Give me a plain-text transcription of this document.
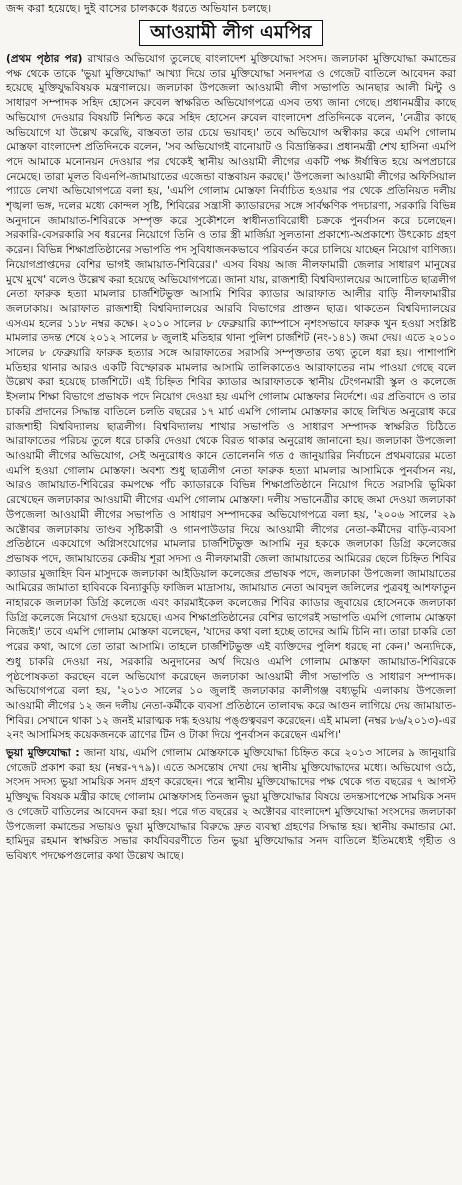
জব্দ করা হয়েছে। দুই বাসের চালককে ধরতে অভিযান চলছে।

আওয়ামী লীগ এমপির

(প্রথম পৃষ্ঠার পর) রাখারও অভিযোগ তুলেছে বাংলাদেশ মুক্তিযোদ্ধা সংসদ। জলঢাকা মুক্তিযোদ্ধা কমান্ডের পক্ষ থেকে তাকে 'ভুয়া মুক্তিযোদ্ধা' আখ্যা দিয়ে তার মুক্তিযোদ্ধা সনদপত্র ও গেজেট বাতিলে আবেদন করা হয়েছে মুক্তিযুদ্ধবিষয়ক মন্ত্রণালয়ে। জলঢাকা উপজেলা আওয়ামী লীগ সভাপতি আনছার আলী মিন্টু ও সাধারণ সম্পাদক সহিদ হোসেন রুবেল স্বাক্ষরিত অভিযোগপত্রে এসব তথ্য জানা গেছে। প্রধানমন্ত্রীর কাছে অভিযোগ দেওয়ার বিষয়টি নিশ্চিত করে সহিদ হোসেন রুবেল বাংলাদেশ প্রতিদিনকে বলেন, 'নেত্রীর কাছে অভিযোগে যা উল্লেখ করেছি, বাস্তবতা তার চেয়ে ভয়াবহ।' তবে অভিযোগ অস্বীকার করে এমপি গোলাম মোস্তফা বাংলাদেশ প্রতিদিনকে বলেন, 'সব অভিযোগই বানোয়াট ও বিভ্রান্তিকর। প্রধানমন্ত্রী শেখ হাসিনা এমপি পদে আমাকে মনোনয়ন দেওয়ার পর থেকেই স্থানীয় আওয়ামী লীগের একটি পক্ষ ঈর্ষান্বিত হয়ে অপপ্রচারে নেমেছে। তারা মূলত বিএনপি-জামায়াতের এজেন্ডা বাস্তবায়ন করছে।' উপজেলা আওয়ামী লীগের অফিসিয়াল প্যাডে লেখা অভিযোগপত্রে বলা হয়, 'এমপি গোলাম মোস্তফা নির্বাচিত হওয়ার পর থেকে প্রতিনিয়ত দলীয় শৃঙ্খলা ভঙ্গ, দলের মধ্যে কোন্দল সৃষ্টি, শিবিরের সন্ত্রাসী ক্যাডারদের সঙ্গে সার্বক্ষণিক পদচারণা, সরকারি বিভিন্ন অনুদানে জামায়াত-শিবিরকে সম্পৃক্ত করে সুকৌশলে স্বাধীনতাবিরোধী চক্রকে পুনর্বাসন করে চলেছেন। সরকারি-বেসরকারি সব ধরনের নিয়োগে তিনি ও তার স্ত্রী মার্জিয়া সুলতানা প্রকাশ্যে-অপ্রকাশ্যে উৎকোচ গ্রহণ করেন। বিভিন্ন শিক্ষাপ্রতিষ্ঠানের সভাপতি পদ সুবিধাজনকভাবে পরিবর্তন করে চালিয়ে যাচ্ছেন নিয়োগ বাণিজ্য। নিয়োগপ্রাপ্তদের বেশির ভাগই জামায়াত-শিবিরের।' এসব বিষয় আজ নীলফামারী জেলার সাধারণ মানুষের মুখে মুখে' বলেও উল্লেখ করা হয়েছে অভিযোগপত্রে। জানা যায়, রাজশাহী বিশ্ববিদ্যালয়ের আলোচিত ছাত্রলীগ নেতা ফারুক হত্যা মামলার চার্জশিটভুক্ত আসামি শিবির ক্যাডার আরাফাত আলীর বাড়ি নীলফামারীর জলঢাকায়। আরাফাত রাজশাহী বিশ্ববিদ্যালয়ের আরবি বিভাগের প্রাক্তন ছাত্র। থাকতেন বিশ্ববিদ্যালয়ের এসএম হলের ১১৮ নম্বর কক্ষে। ২০১০ সালের ৮ ফেব্রুয়ারি ক্যাম্পাসে নৃশংসভাবে ফারুক খুন হওয়া সংশ্লিষ্ট মামলার তদন্ত শেষে ২০১২ সালের ৮ জুলাই মতিহার থানা পুলিশ চার্জশিট (নং-১৪১) জমা দেয়। এতে ২০১০ সালের ৮ ফেব্রুয়ারি ফারুক হত্যার সঙ্গে আরাফাতের সরাসরি সম্পৃক্ততার তথ্য তুলে ধরা হয়। পাশাপাশি মতিহার থানার আরও একটি বিস্ফোরক মামলার আসামি তালিকাতেও আরাফাতের নাম পাওয়া গেছে বলে উল্লেখ করা হয়েছে চার্জশিটে। এই চিহ্নিত শিবির ক্যাডার আরাফাতকে স্থানীয় টেংগনমারী স্কুল ও কলেজে ইসলাম শিক্ষা বিভাগে প্রভাষক পদে নিয়োগ দেওয়া হয় এমপি গোলাম মোস্তফার নির্দেশে। এর প্রতিবাদে ও তার চাকরি প্রদানের সিদ্ধান্ত বাতিলে চলতি বছরের ১৭ মার্চ এমপি গোলাম মোস্তফার কাছে লিখিত অনুরোধ করে রাজশাহী বিশ্ববিদ্যালয় ছাত্রলীগ। বিশ্ববিদ্যালয় শাখার সভাপতি ও সাধারণ সম্পাদক স্বাক্ষরিত চিঠিতে আরাফাতের পরিচয় তুলে ধরে চাকরি দেওয়া থেকে বিরত থাকার অনুরোধ জানানো হয়। জলঢাকা উপজেলা আওয়ামী লীগের অভিযোগ, সেই অনুরোধও কানে তোলেননি গত ৫ জানুয়ারির নির্বাচনে প্রথমবারের মতো এমপি হওয়া গোলাম মোস্তফা। অবশ্য শুধু ছাত্রলীগ নেতা ফারুক হত্যা মামলার আসামিকে পুনর্বাসন নয়, আরও জামায়াত-শিবিরের কমপক্ষে পাঁচ ক্যাডারকে বিভিন্ন শিক্ষাপ্রতিষ্ঠানে নিয়োগ দিতে সরাসরি ভূমিকা রেখেছেন জলঢাকার আওয়ামী লীগের এমপি গোলাম মোস্তফা। দলীয় সভানেত্রীর কাছে জমা দেওয়া জলঢাকা উপজেলা আওয়ামী লীগের সভাপতি ও সাধারণ সম্পাদকের অভিযোগপত্রে বলা হয়, '২০০৬ সালের ২৯ অক্টোবর জলঢাকায় তাণ্ডব সৃষ্টিকারী ও গানপাউডার দিয়ে আওয়ামী লীগের নেতা-কর্মীদের বাড়ি-ব্যবসা প্রতিষ্ঠানে একযোগে অগ্নিসংযোগের মামলার চার্জশিটভুক্ত আসামি নূর হককে জলঢাকা ডিগ্রি কলেজের প্রভাষক পদে, জামায়াতের কেন্দ্রীয় শূরা সদস্য ও নীলফামারী জেলা জামায়াতের আমিরের ছেলে চিহ্নিত শিবির ক্যাডার মুজাহিদ বিন মাসুদকে জলঢাকা আইডিয়াল কলেজের প্রভাষক পদে, জলঢাকা উপজেলা জামায়াতের আমিরের জামাতা হাবিবকে বিন্যাকুড়ি ফাজিল মাদ্রাসায়, জামায়াত নেতা আবদুল জলিলের পুত্রবধূ আশফাতুন নাহারকে জলঢাকা ডিগ্রি কলেজে এবং কারমাইকেল কলেজের শিবির ক্যাডার জুবায়ের হোসেনকে জলঢাকা ডিগ্রি কলেজে নিয়োগ দেওয়া হয়েছে। এসব শিক্ষাপ্রতিষ্ঠানের বেশির ভাগেরই সভাপতি এমপি গোলাম মোস্তফা নিজেই।' তবে এমপি গোলাম মোস্তফা বলেছেন, 'যাদের কথা বলা হচ্ছে তাদের আমি চিনি না। তারা চাকরি তো পরের কথা, আগে তো তারা আসামি। তাহলে চার্জশিটভুক্ত এই ব্যক্তিদের পুলিশ ধরছে না কেন।' অন্যদিকে, শুধু চাকরি দেওয়া নয়, সরকারি অনুদানের অর্থ দিয়েও এমপি গোলাম মোস্তফা জামায়াত-শিবিরকে পৃষ্ঠপোষকতা করছেন বলে অভিযোগ করেছেন জলঢাকা আওয়ামী লীগ সভাপতি ও সাধারণ সম্পাদক। অভিযোগপত্রে বলা হয়, '২০১৩ সালের ১০ জুলাই জলঢাকার কালীগঞ্জ বধ্যভূমি এলাকায় উপজেলা আওয়ামী লীগের ১২ জন দলীয় নেতা-কর্মীকে ব্যবসা প্রতিষ্ঠানে তালাবদ্ধ করে আগুন লাগিয়ে দেয় জামায়াত-শিবির। সেখানে থাকা ১২ জনই মারাত্মক দগ্ধ হওয়ায় পঙ্গুত্ববরণ করেছেন। এই মামলা (নম্বর ৮৬/২০১৩)-এর ২নং আসামিসহ কয়েকজনকে ত্রাণের টিন ও টাকা দিয়ে পুনর্বাসন করেছেন এমপি।'

ভুয়া মুক্তিযোদ্ধা : জানা যায়, এমপি গোলাম মোস্তফাকে মুক্তিযোদ্ধা চিহ্নিত করে ২০১৩ সালের ৯ জানুয়ারি গেজেট প্রকাশ করা হয় (নম্বর-৭৭৯)। এতে অসন্তোষ দেখা দেয় স্থানীয় মুক্তিযোদ্ধাদের মধ্যে। অভিযোগ ওঠে, সংসদ সদস্য ভুয়া সাময়িক সনদ গ্রহণ করেছেন। পরে স্থানীয় মুক্তিযোদ্ধাদের পক্ষ থেকে গত বছরের ৭ আগস্ট মুক্তিযুদ্ধ বিষয়ক মন্ত্রীর কাছে গোলাম মোস্তফাসহ তিনজন ভুয়া মুক্তিযোদ্ধার বিষয়ে তদন্তসাপেক্ষে সাময়িক সনদ ও গেজেট বাতিলের আবেদন করা হয়। পরে গত বছরের ২ অক্টোবর বাংলাদেশ মুক্তিযোদ্ধা সংসদের জলঢাকা উপজেলা কমান্ডের সভায়ও ভুয়া মুক্তিযোদ্ধার বিরুদ্ধে দ্রুত ব্যবস্থা গ্রহণের সিদ্ধান্ত হয়। স্থানীয় কমান্ডার মো. হামিদুর রহমান স্বাক্ষরিত সভার কার্যবিবরণীতে তিন ভুয়া মুক্তিযোদ্ধার সনদ বাতিলে ইতিমধ্যেই গৃহীত ও ভবিষ্যৎ পদক্ষেপগুলোর কথা উল্লেখ আছে।
